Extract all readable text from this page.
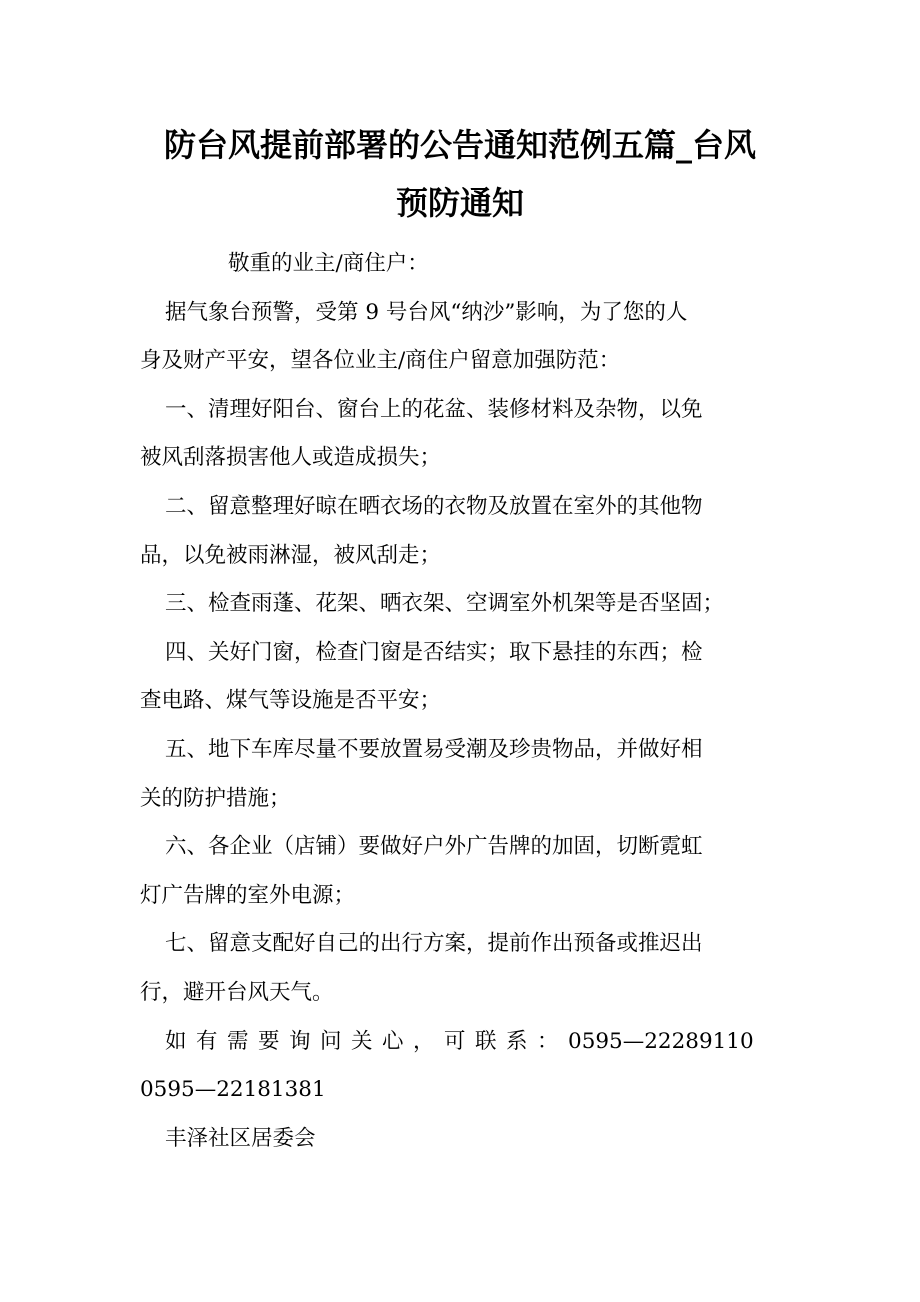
防台风提前部署的公告通知范例五篇_台风
预防通知
敬重的业主/商住户：
据气象台预警，受第 9 号台风“纳沙”影响，为了您的人
身及财产平安，望各位业主/商住户留意加强防范：
一、清理好阳台、窗台上的花盆、装修材料及杂物，以免
被风刮落损害他人或造成损失；
二、留意整理好晾在晒衣场的衣物及放置在室外的其他物
品，以免被雨淋湿，被风刮走；
三、检查雨蓬、花架、晒衣架、空调室外机架等是否坚固；
四、关好门窗，检查门窗是否结实；取下悬挂的东西；检
查电路、煤气等设施是否平安；
五、地下车库尽量不要放置易受潮及珍贵物品，并做好相
关的防护措施；
六、各企业（店铺）要做好户外广告牌的加固，切断霓虹
灯广告牌的室外电源；
七、留意支配好自己的出行方案，提前作出预备或推迟出
行，避开台风天气。
如有需要询问关心，可联系：0595—22289110
0595—22181381
丰泽社区居委会
